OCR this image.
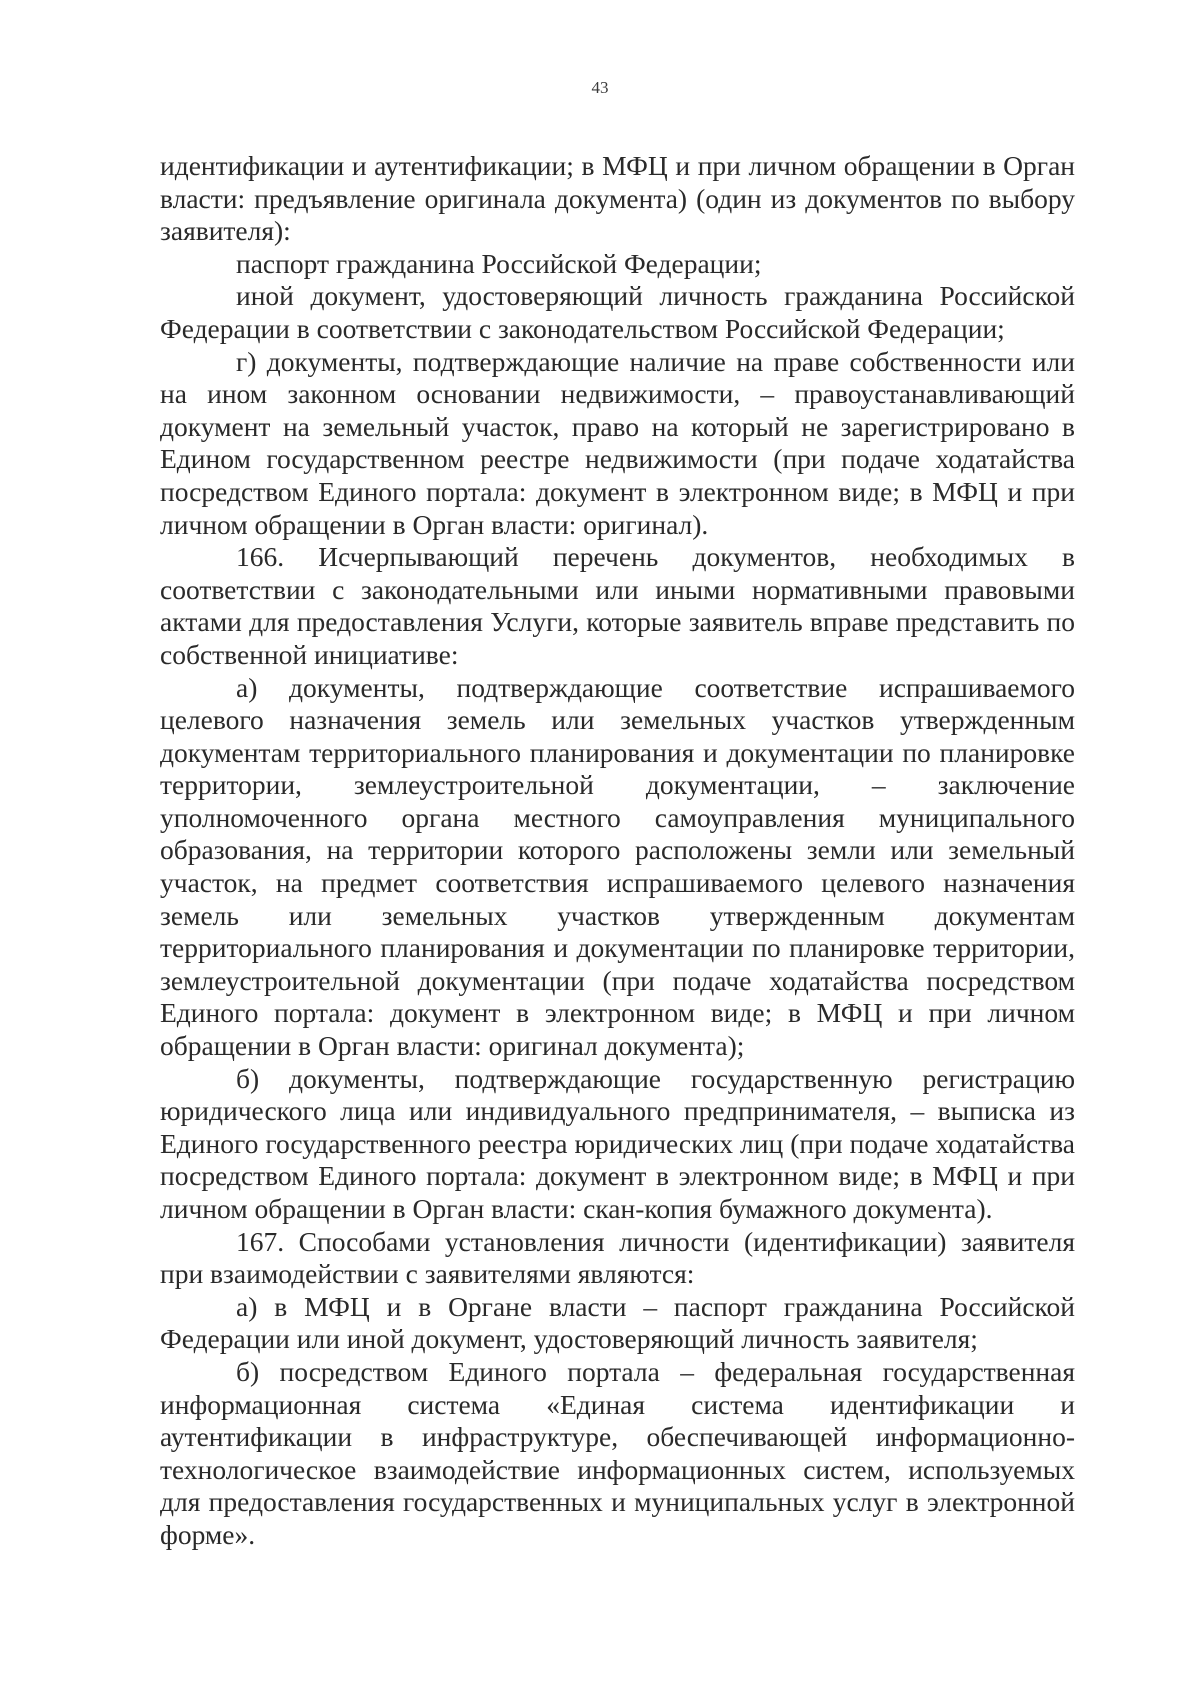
43

идентификации и аутентификации; в МФЦ и при личном обращении в Орган власти: предъявление оригинала документа) (один из документов по выбору заявителя):

паспорт гражданина Российской Федерации;

иной документ, удостоверяющий личность гражданина Российской Федерации в соответствии с законодательством Российской Федерации;

г) документы, подтверждающие наличие на праве собственности или на ином законном основании недвижимости, – правоустанавливающий документ на земельный участок, право на который не зарегистрировано в Едином государственном реестре недвижимости (при подаче ходатайства посредством Единого портала: документ в электронном виде; в МФЦ и при личном обращении в Орган власти: оригинал).

166. Исчерпывающий перечень документов, необходимых в соответствии с законодательными или иными нормативными правовыми актами для предоставления Услуги, которые заявитель вправе представить по собственной инициативе:

а) документы, подтверждающие соответствие испрашиваемого целевого назначения земель или земельных участков утвержденным документам территориального планирования и документации по планировке территории, землеустроительной документации, – заключение уполномоченного органа местного самоуправления муниципального образования, на территории которого расположены земли или земельный участок, на предмет соответствия испрашиваемого целевого назначения земель или земельных участков утвержденным документам территориального планирования и документации по планировке территории, землеустроительной документации (при подаче ходатайства посредством Единого портала: документ в электронном виде; в МФЦ и при личном обращении в Орган власти: оригинал документа);

б) документы, подтверждающие государственную регистрацию юридического лица или индивидуального предпринимателя, – выписка из Единого государственного реестра юридических лиц (при подаче ходатайства посредством Единого портала: документ в электронном виде; в МФЦ и при личном обращении в Орган власти: скан-копия бумажного документа).

167. Способами установления личности (идентификации) заявителя при взаимодействии с заявителями являются:

а) в МФЦ и в Органе власти – паспорт гражданина Российской Федерации или иной документ, удостоверяющий личность заявителя;

б) посредством Единого портала – федеральная государственная информационная система «Единая система идентификации и аутентификации в инфраструктуре, обеспечивающей информационно-технологическое взаимодействие информационных систем, используемых для предоставления государственных и муниципальных услуг в электронной форме».
